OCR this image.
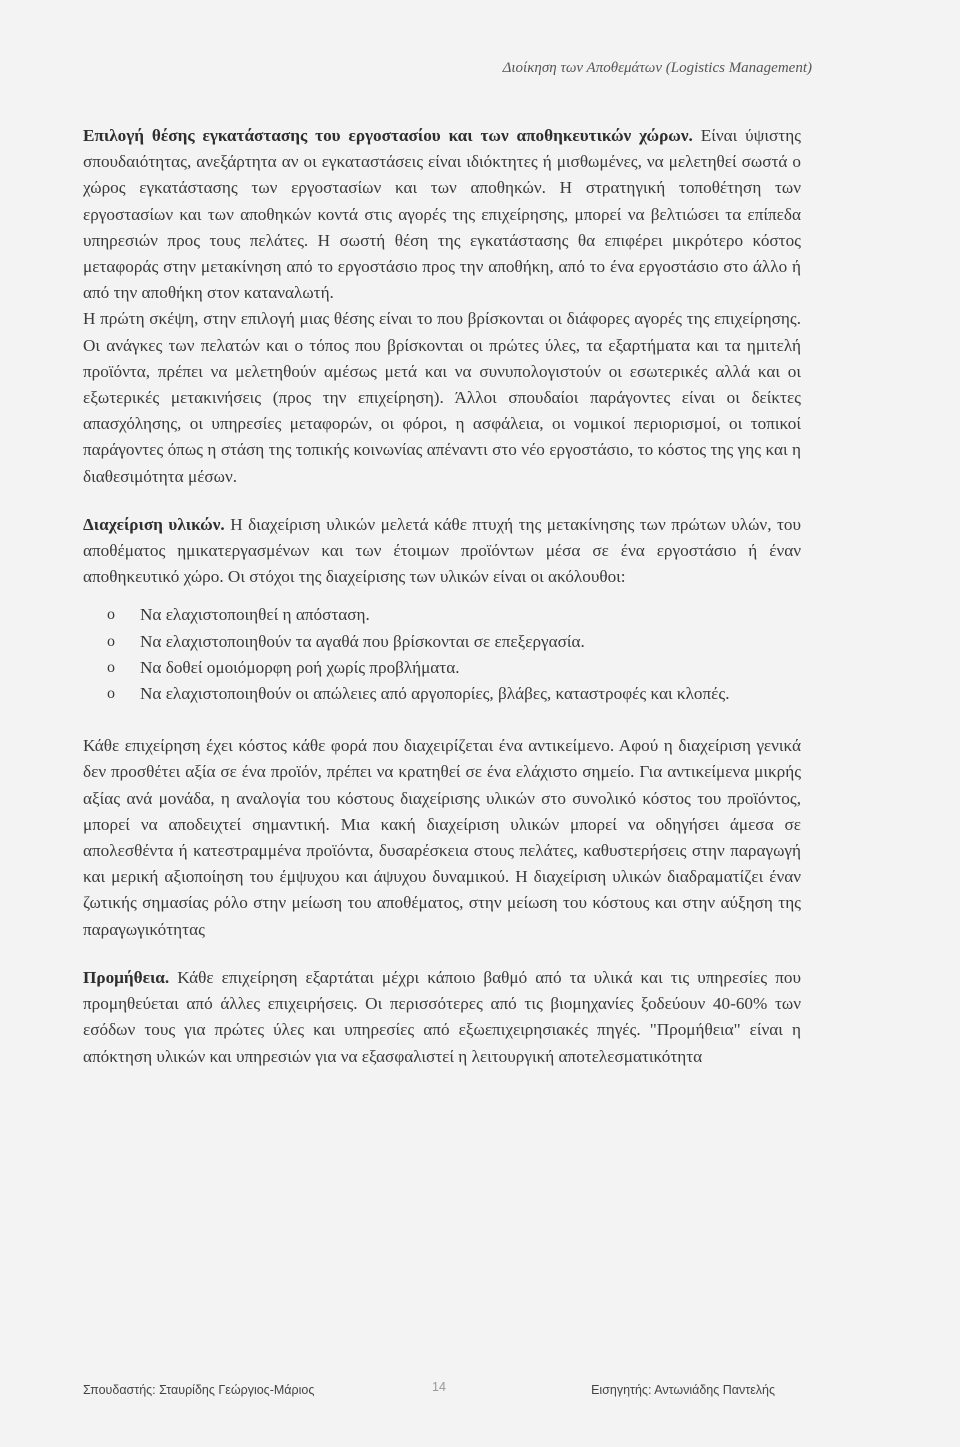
Διοίκηση των Αποθεμάτων (Logistics Management)

Επιλογή θέσης εγκατάστασης του εργοστασίου και των αποθηκευτικών χώρων. Είναι ύψιστης σπουδαιότητας, ανεξάρτητα αν οι εγκαταστάσεις είναι ιδιόκτητες ή μισθωμένες, να μελετηθεί σωστά ο χώρος εγκατάστασης των εργοστασίων και των αποθηκών. Η στρατηγική τοποθέτηση των εργοστασίων και των αποθηκών κοντά στις αγορές της επιχείρησης, μπορεί να βελτιώσει τα επίπεδα υπηρεσιών προς τους πελάτες. Η σωστή θέση της εγκατάστασης θα επιφέρει μικρότερο κόστος μεταφοράς στην μετακίνηση από το εργοστάσιο προς την αποθήκη, από το ένα εργοστάσιο στο άλλο ή από την αποθήκη στον καταναλωτή.

Η πρώτη σκέψη, στην επιλογή μιας θέσης είναι το που βρίσκονται οι διάφορες αγορές της επιχείρησης. Οι ανάγκες των πελατών και ο τόπος που βρίσκονται οι πρώτες ύλες, τα εξαρτήματα και τα ημιτελή προϊόντα, πρέπει να μελετηθούν αμέσως μετά και να συνυπολογιστούν οι εσωτερικές αλλά και οι εξωτερικές μετακινήσεις (προς την επιχείρηση). Άλλοι σπουδαίοι παράγοντες είναι οι δείκτες απασχόλησης, οι υπηρεσίες μεταφορών, οι φόροι, η ασφάλεια, οι νομικοί περιορισμοί, οι τοπικοί παράγοντες όπως η στάση της τοπικής κοινωνίας απέναντι στο νέο εργοστάσιο, το κόστος της γης και η διαθεσιμότητα μέσων.

Διαχείριση υλικών. Η διαχείριση υλικών μελετά κάθε πτυχή της μετακίνησης των πρώτων υλών, του αποθέματος ημικατεργασμένων και των έτοιμων προϊόντων μέσα σε ένα εργοστάσιο ή έναν αποθηκευτικό χώρο. Οι στόχοι της διαχείρισης των υλικών είναι οι ακόλουθοι:

o Να ελαχιστοποιηθεί η απόσταση.
o Να ελαχιστοποιηθούν τα αγαθά που βρίσκονται σε επεξεργασία.
o Να δοθεί ομοιόμορφη ροή χωρίς προβλήματα.
o Να ελαχιστοποιηθούν οι απώλειες από αργοπορίες, βλάβες, καταστροφές και κλοπές.

Κάθε επιχείρηση έχει κόστος κάθε φορά που διαχειρίζεται ένα αντικείμενο. Αφού η διαχείριση γενικά δεν προσθέτει αξία σε ένα προϊόν, πρέπει να κρατηθεί σε ένα ελάχιστο σημείο. Για αντικείμενα μικρής αξίας ανά μονάδα, η αναλογία του κόστους διαχείρισης υλικών στο συνολικό κόστος του προϊόντος, μπορεί να αποδειχτεί σημαντική. Μια κακή διαχείριση υλικών μπορεί να οδηγήσει άμεσα σε απολεσθέντα ή κατεστραμμένα προϊόντα, δυσαρέσκεια στους πελάτες, καθυστερήσεις στην παραγωγή και μερική αξιοποίηση του έμψυχου και άψυχου δυναμικού. Η διαχείριση υλικών διαδραματίζει έναν ζωτικής σημασίας ρόλο στην μείωση του αποθέματος, στην μείωση του κόστους και στην αύξηση της παραγωγικότητας

Προμήθεια. Κάθε επιχείρηση εξαρτάται μέχρι κάποιο βαθμό από τα υλικά και τις υπηρεσίες που προμηθεύεται από άλλες επιχειρήσεις. Οι περισσότερες από τις βιομηχανίες ξοδεύουν 40-60% των εσόδων τους για πρώτες ύλες και υπηρεσίες από εξωεπιχειρησιακές πηγές. "Προμήθεια" είναι η απόκτηση υλικών και υπηρεσιών για να εξασφαλιστεί η λειτουργική αποτελεσματικότητα

Σπουδαστής: Σταυρίδης Γεώργιος-Μάριος	14	Εισηγητής: Αντωνιάδης Παντελής
